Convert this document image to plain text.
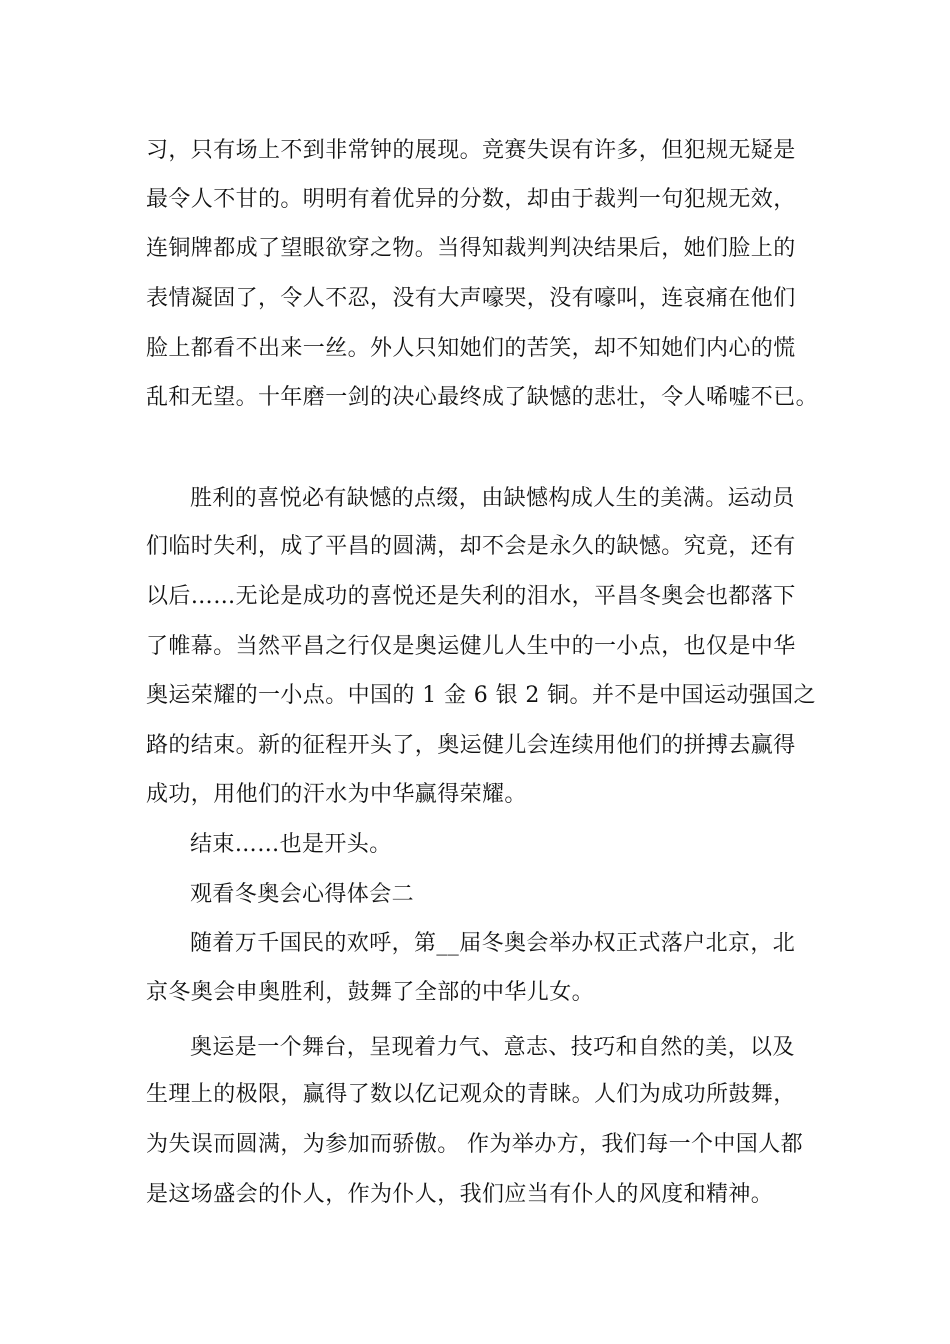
习，只有场上不到非常钟的展现。竞赛失误有许多，但犯规无疑是
最令人不甘的。明明有着优异的分数，却由于裁判一句犯规无效，
连铜牌都成了望眼欲穿之物。当得知裁判判决结果后，她们脸上的
表情凝固了，令人不忍，没有大声嚎哭，没有嚎叫，连哀痛在他们
脸上都看不出来一丝。外人只知她们的苦笑，却不知她们内心的慌
乱和无望。十年磨一剑的决心最终成了缺憾的悲壮，令人唏嘘不已。
胜利的喜悦必有缺憾的点缀，由缺憾构成人生的美满。运动员
们临时失利，成了平昌的圆满，却不会是永久的缺憾。究竟，还有
以后……无论是成功的喜悦还是失利的泪水，平昌冬奥会也都落下
了帷幕。当然平昌之行仅是奥运健儿人生中的一小点，也仅是中华
奥运荣耀的一小点。中国的 1 金 6 银 2 铜。并不是中国运动强国之
路的结束。新的征程开头了，奥运健儿会连续用他们的拼搏去赢得
成功，用他们的汗水为中华赢得荣耀。
结束……也是开头。
观看冬奥会心得体会二
随着万千国民的欢呼，第__届冬奥会举办权正式落户北京，北
京冬奥会申奥胜利，鼓舞了全部的中华儿女。
奥运是一个舞台，呈现着力气、意志、技巧和自然的美，以及
生理上的极限，赢得了数以亿记观众的青睐。人们为成功所鼓舞，
为失误而圆满，为参加而骄傲。 作为举办方，我们每一个中国人都
是这场盛会的仆人，作为仆人，我们应当有仆人的风度和精神。
